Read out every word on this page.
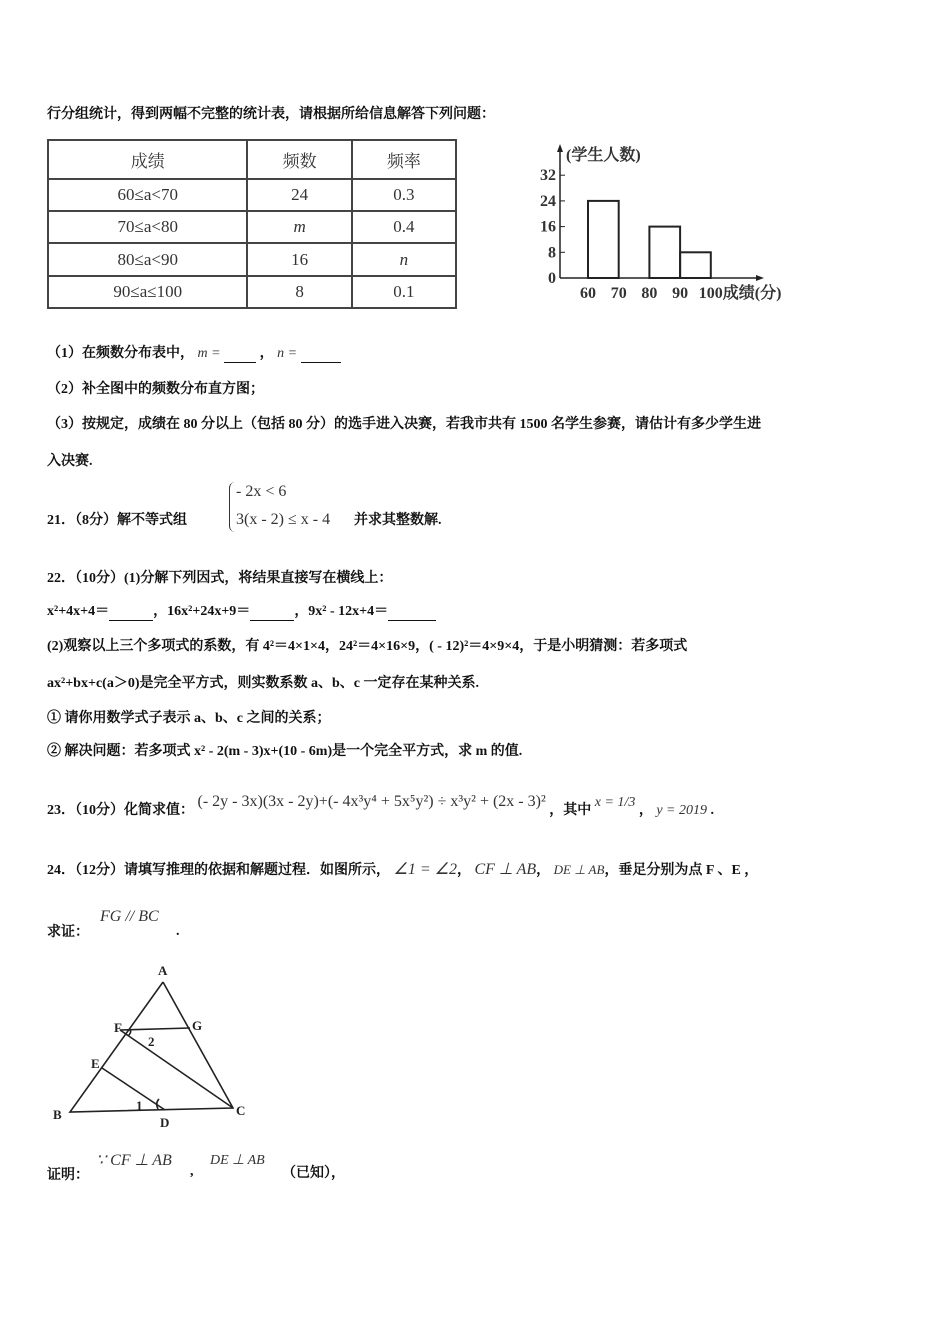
行分组统计，得到两幅不完整的统计表，请根据所给信息解答下列问题：
成绩	频数	频率
60≤a<70	24	0.3
70≤a<80	m	0.4
80≤a<90	16	n
90≤a≤100	8	0.1
0
8
16
24
32
60 70 80 90 100
(学生人数)
成绩(分)
（1）在频数分布表中， m =	， n =
（2）补全图中的频数分布直方图；
（3）按规定，成绩在 80 分以上（包括 80 分）的选手进入决赛，若我市共有 1500 名学生参赛，请估计有多少学生进
入决赛.
21．（8分）解不等式组
- 2x < 6
3(x - 2) ≤ x - 4 并求其整数解.
22．（10分）(1)分解下列因式，将结果直接写在横线上：
x²+4x+4＝	，16x²+24x+9＝	，9x² - 12x+4＝
(2)观察以上三个多项式的系数，有 4²＝4×1×4，24²＝4×16×9，( - 12)²＝4×9×4，于是小明猜测：若多项式
ax²+bx+c(a＞0)是完全平方式，则实数系数 a、b、c 一定存在某种关系.
① 请你用数学式子表示 a、b、c 之间的关系；
② 解决问题：若多项式 x² - 2(m - 3)x+(10 - 6m)是一个完全平方式，求 m 的值.
23．（10分）化简求值： (- 2y - 3x)(3x - 2y)+(- 4x³y⁴ + 5x⁵y²) ÷ x³y² + (2x - 3)² ，其中 x = 1/3 ， y = 2019 .
24．（12分）请填写推理的依据和解题过程．如图所示， ∠1 = ∠2， CF ⊥ AB， DE ⊥ AB，垂足分别为点 F 、E ，
求证：
FG // BC
.
A
B	C
D
E
F	G
1
2
证明：
∵ CF ⊥ AB
,
DE ⊥ AB
（已知），
